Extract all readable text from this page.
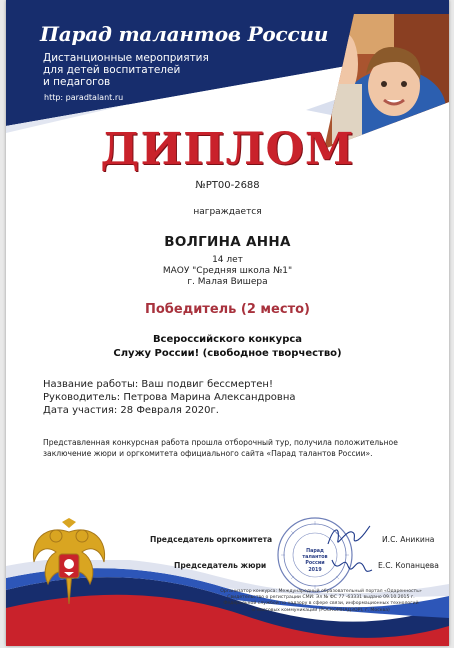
Парад талантов России
Дистанционные мероприятия
для детей воспитателей
и педагогов
http: paradtalant.ru
ДИПЛОМ
№РТ00-2688
награждается
ВОЛГИНА АННА
14 лет
МАОУ "Средняя школа №1"
г. Малая Вишера
Победитель (2 место)
Всероссийского конкурса
Служу России! (свободное творчество)
Название работы: Ваш подвиг бессмертен!
Руководитель: Петрова Марина Александровна
Дата участия: 28 Февраля 2020г.
Представленная конкурсная работа прошла отборочный тур, получила положительное
заключение жюри и оргкомитета официального сайта «Парад талантов России».
Председатель оргкомитета
Председатель жюри
И.С. Аникина
Е.С. Копанцева
Парад
талантов
России
2019
Организатор конкурса: Международный образовательный портал «Одаренность»
Свидетельство о регистрации СМИ: Эл № ФС 77 -63331 выдано 09.10.2015 г.
Федеральной службой по надзору в сфере связи, информационных технологий
и массовых коммуникаций (РОСКОМНАДЗОР), г. Москва)
